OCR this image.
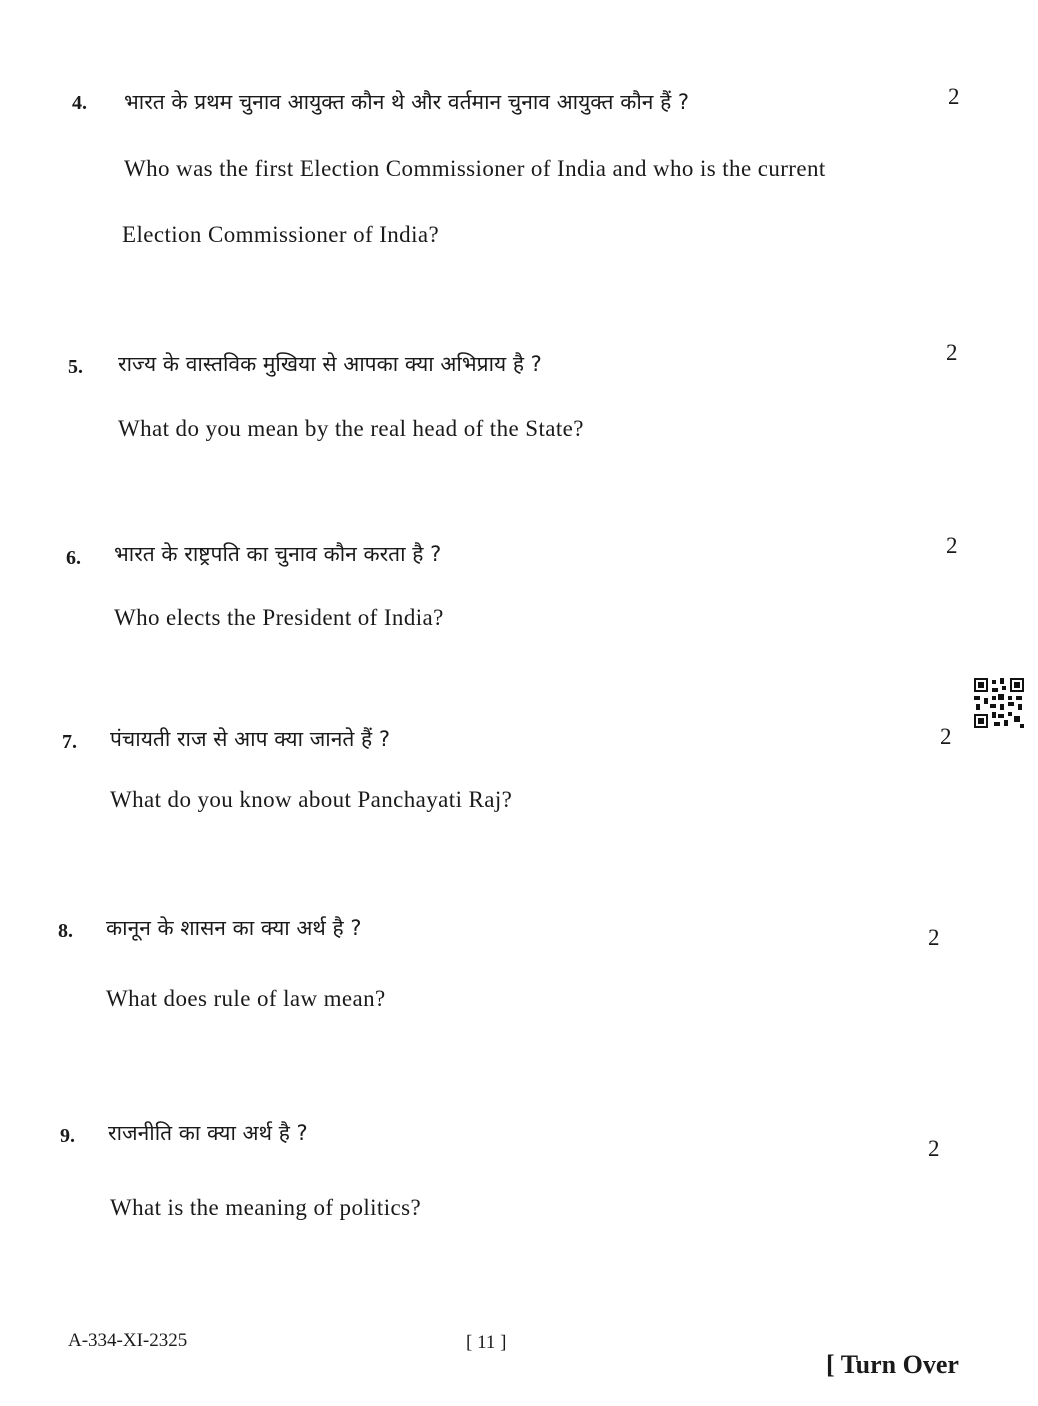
4. भारत के प्रथम चुनाव आयुक्त कौन थे और वर्तमान चुनाव आयुक्त कौन हैं ?	2
Who was the first Election Commissioner of India and who is the current
Election Commissioner of India?
5. राज्य के वास्तविक मुखिया से आपका क्या अभिप्राय है ?	2
What do you mean by the real head of the State?
6. भारत के राष्ट्रपति का चुनाव कौन करता है ?	2
Who elects the President of India?
7. पंचायती राज से आप क्या जानते हैं ?	2
What do you know about Panchayati Raj?
8. कानून के शासन का क्या अर्थ है ?	2
What does rule of law mean?
9. राजनीति का क्या अर्थ है ?
2
What is the meaning of politics?
A-334-XI-2325	[ 11 ]
[ Turn Over
